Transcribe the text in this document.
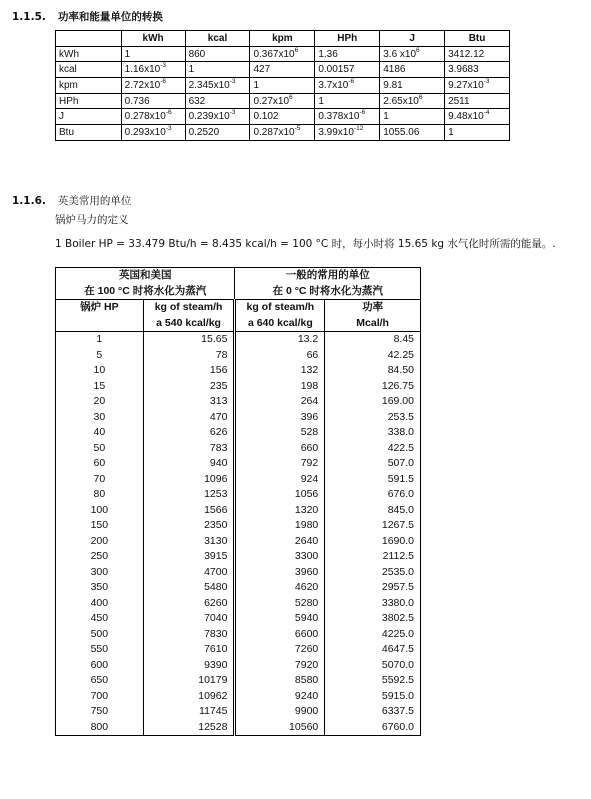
1.1.5. 功率和能量单位的转换
	kWh	kcal	kpm	HPh	J	Btu
kWh	1	860	$0.367x10^6$	1.36	3.6 $x10^6$	3412.12
kcal	$1.16x10^{-3}$	1	427	0.00157	4186	3.9683
kpm	$2.72x10^{-6}$	$2.345x10^{-3}$	1	$3.7x10^{-6}$	9.81	$9.27x10^{-3}$
HPh	0.736	632	$0.27x10^6$	1	$2.65x10^6$	2511
J	$0.278x10^{-6}$	$0.239x10^{-3}$	0.102	$0.378x10^{-6}$	1	$9.48x10^{-4}$
Btu	$0.293x10^{-3}$	0.2520	$0.287x10^{-5}$	$3.99x10^{-12}$	1055.06	1
1.1.6. 英美常用的单位
锅炉马力的定义
1 Boiler HP = 33.479 Btu/h = 8.435 kcal/h = 100 °C 时，每小时将 15.65 kg 水气化时所需的能量。.
英国和美国		一般的常用的单位	
在 100 °C 时将水化为蒸汽		在 0 °C 时将水化为蒸汽	
锅炉 HP	kg of steam/h	kg of steam/h	功率
	a 540 kcal/kg	a 640 kcal/kg	Mcal/h
1	15.65	13.2	8.45
5	78	66	42.25
10	156	132	84.50
15	235	198	126.75
20	313	264	169.00
30	470	396	253.5
40	626	528	338.0
50	783	660	422.5
60	940	792	507.0
70	1096	924	591.5
80	1253	1056	676.0
100	1566	1320	845.0
150	2350	1980	1267.5
200	3130	2640	1690.0
250	3915	3300	2112.5
300	4700	3960	2535.0
350	5480	4620	2957.5
400	6260	5280	3380.0
450	7040	5940	3802.5
500	7830	6600	4225.0
550	7610	7260	4647.5
600	9390	7920	5070.0
650	10179	8580	5592.5
700	10962	9240	5915.0
750	11745	9900	6337.5
800	12528	10560	6760.0
